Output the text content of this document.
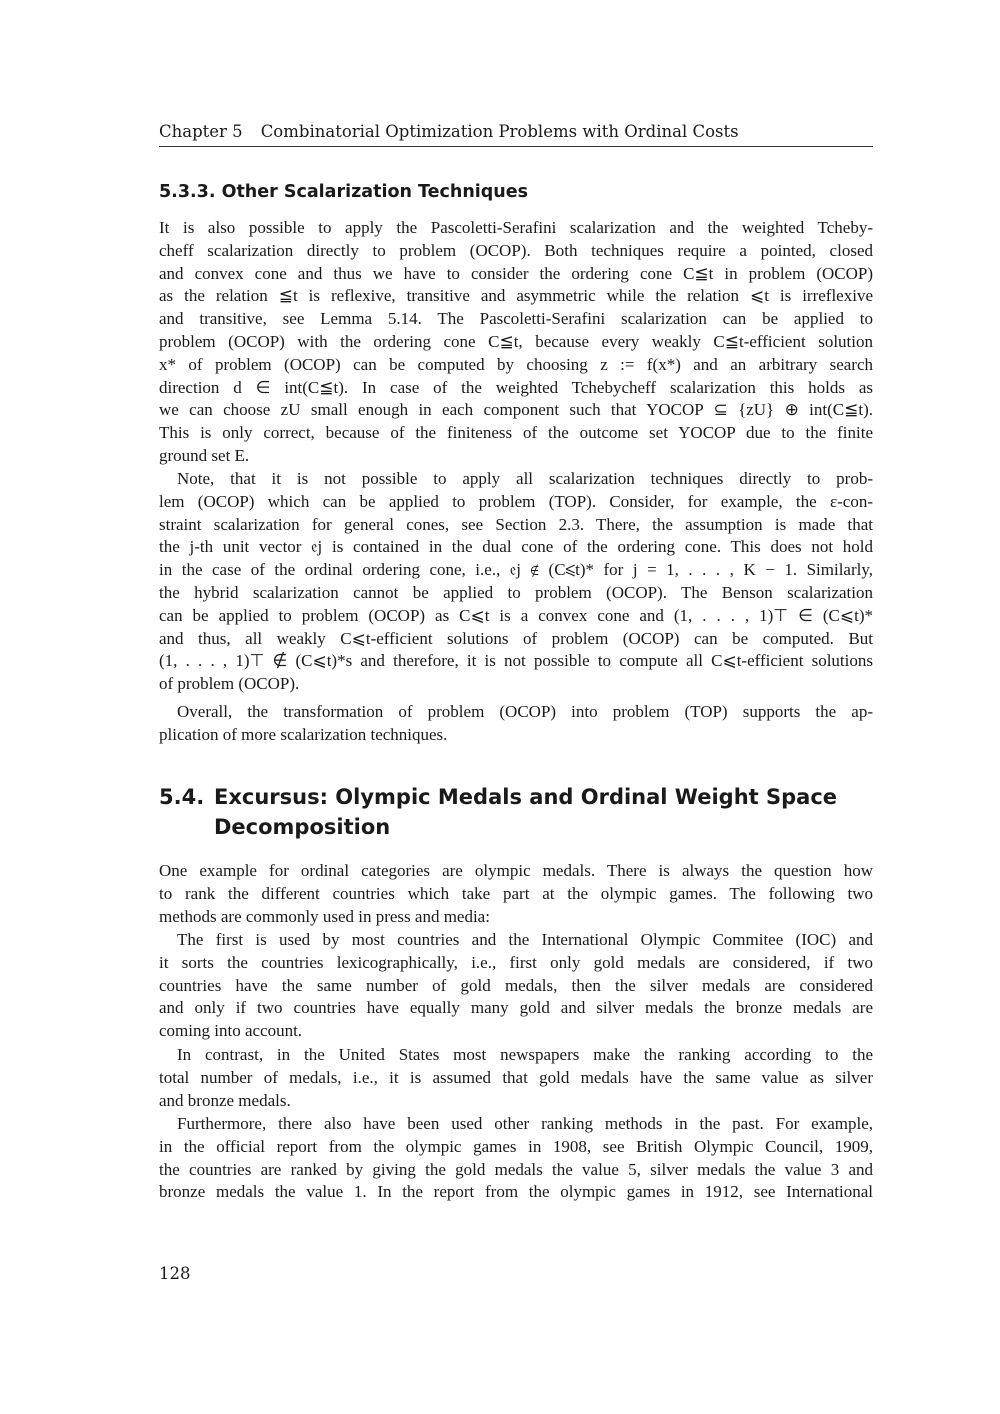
Chapter 5 Combinatorial Optimization Problems with Ordinal Costs
5.3.3. Other Scalarization Techniques
It is also possible to apply the Pascoletti-Serafini scalarization and the weighted Tcheby-
cheff scalarization directly to problem (OCOP). Both techniques require a pointed, closed
and convex cone and thus we have to consider the ordering cone C≦t in problem (OCOP)
as the relation ≦t is reflexive, transitive and asymmetric while the relation ⩽t is irreflexive
and transitive, see Lemma 5.14. The Pascoletti-Serafini scalarization can be applied to
problem (OCOP) with the ordering cone C≦t, because every weakly C≦t-efficient solution
x* of problem (OCOP) can be computed by choosing z := f(x*) and an arbitrary search
direction d ∈ int(C≦t). In case of the weighted Tchebycheff scalarization this holds as
we can choose zU small enough in each component such that YOCOP ⊆ {zU} ⊕ int(C≦t).
This is only correct, because of the finiteness of the outcome set YOCOP due to the finite
ground set E.
Note, that it is not possible to apply all scalarization techniques directly to prob-
lem (OCOP) which can be applied to problem (TOP). Consider, for example, the ε-con-
straint scalarization for general cones, see Section 2.3. There, the assumption is made that
the j-th unit vector 𝔢j is contained in the dual cone of the ordering cone. This does not hold
in the case of the ordinal ordering cone, i.e., 𝔢j ∉ (C⩽t)* for j = 1, . . . , K − 1. Similarly,
the hybrid scalarization cannot be applied to problem (OCOP). The Benson scalarization
can be applied to problem (OCOP) as C⩽t is a convex cone and (1, . . . , 1)⊤ ∈ (C⩽t)*
and thus, all weakly C⩽t-efficient solutions of problem (OCOP) can be computed. But
(1, . . . , 1)⊤ ∉ (C⩽t)*s and therefore, it is not possible to compute all C⩽t-efficient solutions
of problem (OCOP).
Overall, the transformation of problem (OCOP) into problem (TOP) supports the ap-
plication of more scalarization techniques.
5.4. Excursus: Olympic Medals and Ordinal Weight Space
Decomposition
One example for ordinal categories are olympic medals. There is always the question how
to rank the different countries which take part at the olympic games. The following two
methods are commonly used in press and media:
The first is used by most countries and the International Olympic Commitee (IOC) and
it sorts the countries lexicographically, i.e., first only gold medals are considered, if two
countries have the same number of gold medals, then the silver medals are considered
and only if two countries have equally many gold and silver medals the bronze medals are
coming into account.
In contrast, in the United States most newspapers make the ranking according to the
total number of medals, i.e., it is assumed that gold medals have the same value as silver
and bronze medals.
Furthermore, there also have been used other ranking methods in the past. For example,
in the official report from the olympic games in 1908, see British Olympic Council, 1909,
the countries are ranked by giving the gold medals the value 5, silver medals the value 3 and
bronze medals the value 1. In the report from the olympic games in 1912, see International
128
